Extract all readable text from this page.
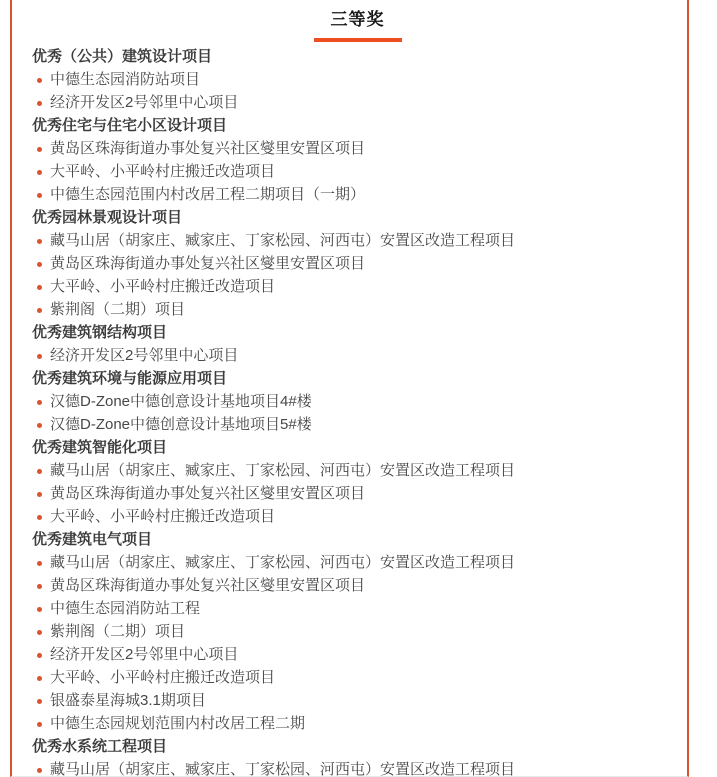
三等奖
优秀（公共）建筑设计项目
中德生态园消防站项目
经济开发区2号邻里中心项目
优秀住宅与住宅小区设计项目
黄岛区珠海街道办事处复兴社区燮里安置区项目
大平岭、小平岭村庄搬迁改造项目
中德生态园范围内村改居工程二期项目（一期）
优秀园林景观设计项目
藏马山居（胡家庄、臧家庄、丁家松园、河西屯）安置区改造工程项目
黄岛区珠海街道办事处复兴社区燮里安置区项目
大平岭、小平岭村庄搬迁改造项目
紫荆阁（二期）项目
优秀建筑钢结构项目
经济开发区2号邻里中心项目
优秀建筑环境与能源应用项目
汉德D-Zone中德创意设计基地项目4#楼
汉德D-Zone中德创意设计基地项目5#楼
优秀建筑智能化项目
藏马山居（胡家庄、臧家庄、丁家松园、河西屯）安置区改造工程项目
黄岛区珠海街道办事处复兴社区燮里安置区项目
大平岭、小平岭村庄搬迁改造项目
优秀建筑电气项目
藏马山居（胡家庄、臧家庄、丁家松园、河西屯）安置区改造工程项目
黄岛区珠海街道办事处复兴社区燮里安置区项目
中德生态园消防站工程
紫荆阁（二期）项目
经济开发区2号邻里中心项目
大平岭、小平岭村庄搬迁改造项目
银盛泰星海城3.1期项目
中德生态园规划范围内村改居工程二期
优秀水系统工程项目
藏马山居（胡家庄、臧家庄、丁家松园、河西屯）安置区改造工程项目
